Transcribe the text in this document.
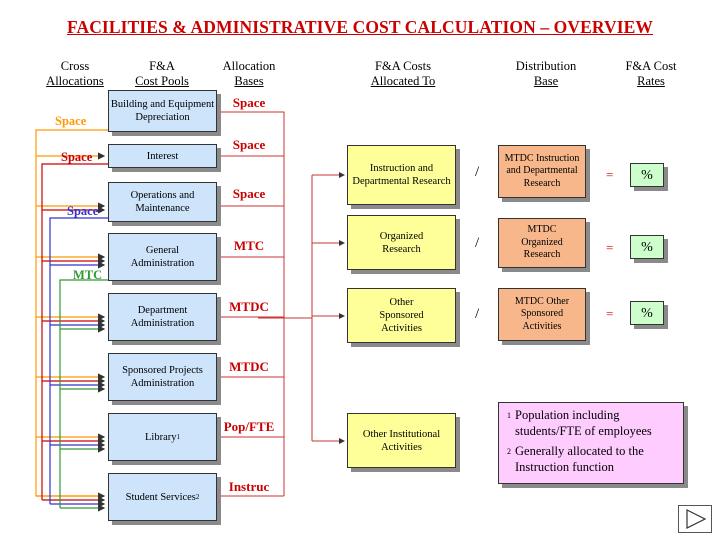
FACILITIES & ADMINISTRATIVE COST CALCULATION – OVERVIEW
Cross
Allocations
F&A
Cost Pools
Allocation
Bases
F&A Costs
Allocated To
Distribution
Base
F&A Cost
Rates
Space
Space
Space
MTC
Building and Equipment Depreciation
Interest
Operations and Maintenance
General Administration
Department Administration
Sponsored Projects Administration
Library 1
Student Services 2
Space
Space
Space
MTC
MTDC
MTDC
Pop/FTE
Instruc
Instruction and Departmental Research
Organized Research
Other Sponsored Activities
Other Institutional Activities
/
/
/
MTDC Instruction and Departmental Research
MTDC Organized Research
MTDC Other Sponsored Activities
=
=
=
%
%
%
1 Population including students/FTE of employees
2 Generally allocated to the Instruction function
